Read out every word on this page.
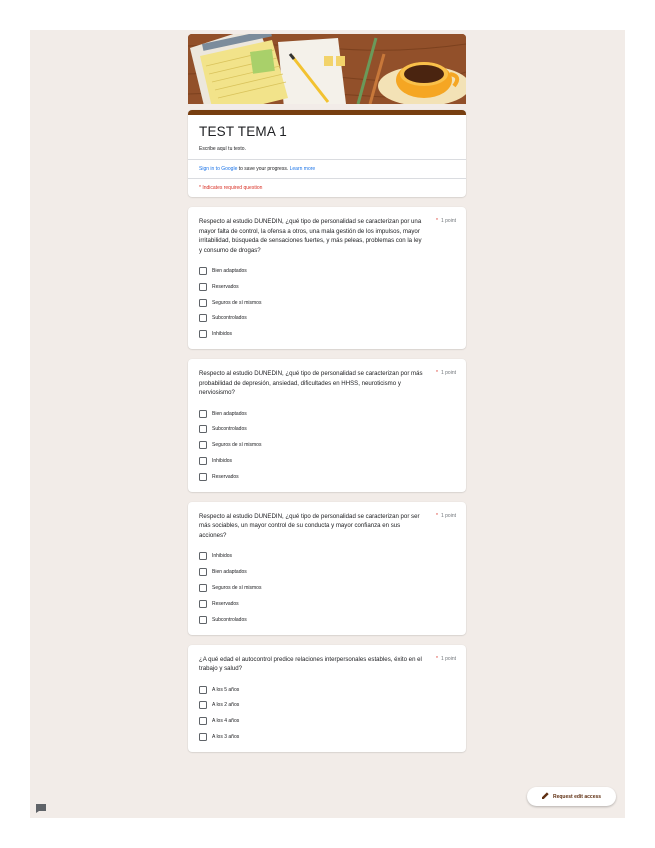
TEST TEMA 1
Escribe aquí tu texto.
Sign in to Google to save your progress. Learn more
* Indicates required question
Respecto al estudio DUNEDIN, ¿qué tipo de personalidad se caracterizan por una mayor falta de control, la ofensa a otros, una mala gestión de los impulsos, mayor irritabilidad, búsqueda de sensaciones fuertes, y más peleas, problemas con la ley y consumo de drogas?
* 1 point
Bien adaptados
Reservados
Seguros de sí mismos
Subcontrolados
Inhibidos
Respecto al estudio DUNEDIN, ¿qué tipo de personalidad se caracterizan por más probabilidad de depresión, ansiedad, dificultades en HHSS, neuroticismo y nerviosismo?
* 1 point
Bien adaptados
Subcontrolados
Seguros de sí mismos
Inhibidos
Reservados
Respecto al estudio DUNEDIN, ¿qué tipo de personalidad se caracterizan por ser más sociables, un mayor control de su conducta y mayor confianza en sus acciones?
* 1 point
Inhibidos
Bien adaptados
Seguros de sí mismos
Reservados
Subcontrolados
¿A qué edad el autocontrol predice relaciones interpersonales estables, éxito en el trabajo y salud?
* 1 point
A los 5 años
A los 2 años
A los 4 años
A los 3 años
Request edit access
